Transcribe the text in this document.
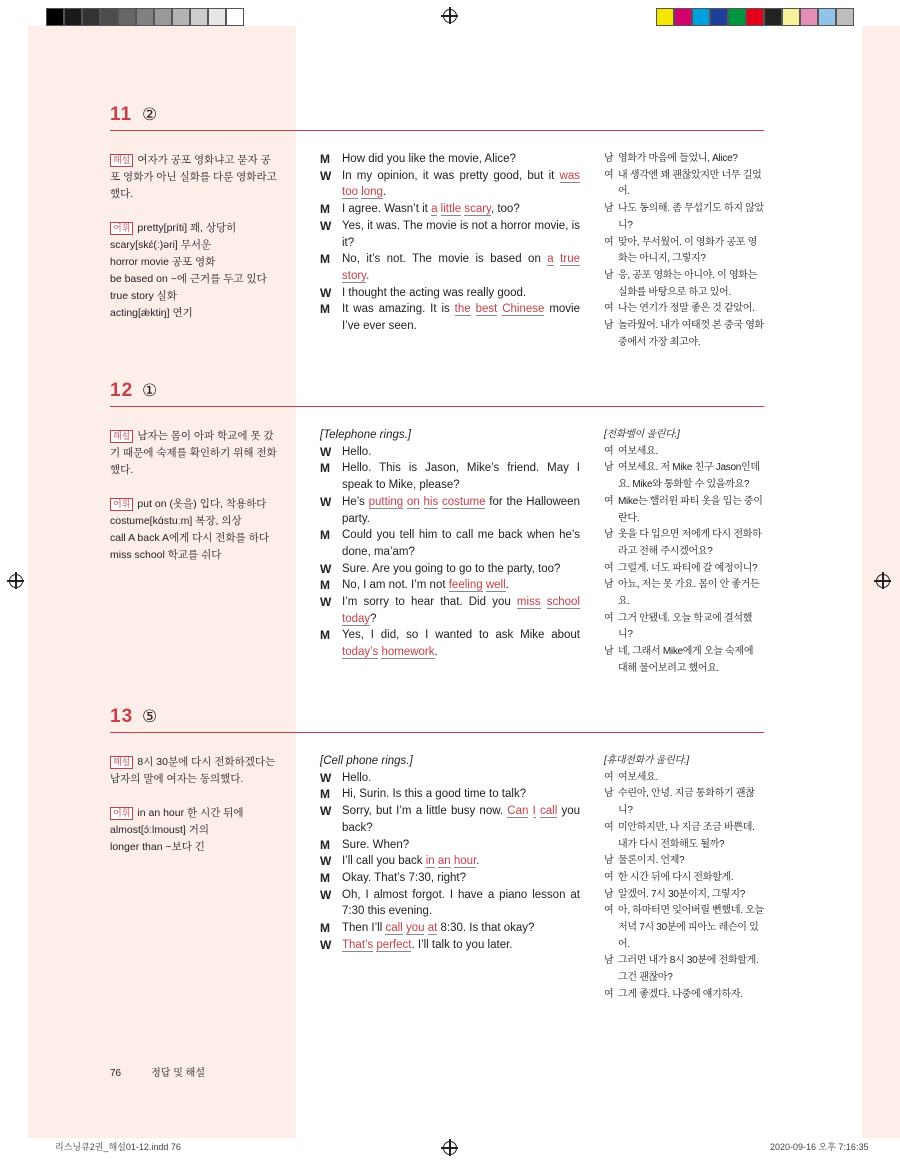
11 ②
해설 여자가 공포 영화냐고 묻자 공포 영화가 아닌 실화를 다룬 영화라고 했다.
어휘 pretty[príti] 꽤, 상당히
scary[skɛ́(ː)əri] 무서운
horror movie 공포 영화
be based on ~에 근거를 두고 있다
true story 실화
acting[ǽktiŋ] 연기
M	How did you like the movie, Alice?
W In my opinion, it was pretty good, but it was too long.
M	I agree. Wasn’t it a little scary, too?
W Yes, it was. The movie is not a horror movie, is it?
M	No, it’s not. The movie is based on a true story.
W I thought the acting was really good.
M	It was amazing. It is the best Chinese movie I’ve ever seen.
남 영화가 마음에 들었니, Alice?
여 내 생각엔 꽤 괜찮았지만 너무 길었어.
남 나도 동의해. 좀 무섭기도 하지 않았니?
여 맞아, 무서웠어. 이 영화가 공포 영화는 아니지, 그렇지?
남 응, 공포 영화는 아니야. 이 영화는 실화를 바탕으로 하고 있어.
여 나는 연기가 정말 좋은 것 같았어.
남 놀라웠어. 내가 여태껏 본 중국 영화 중에서 가장 최고야.
12 ①
해설 남자는 몸이 아파 학교에 못 갔기 때문에 숙제를 확인하기 위해 전화했다.
어휘 put on (옷을) 입다, 착용하다
costume[kɑ́stuːm] 복장, 의상
call A back A에게 다시 전화를 하다
miss school 학교를 쉬다
[Telephone rings.]
W Hello.
M	Hello. This is Jason, Mike’s friend. May I speak to Mike, please?
W He’s putting on his costume for the Halloween party.
M	Could you tell him to call me back when he’s done, ma’am?
W Sure. Are you going to go to the party, too?
M	No, I am not. I’m not feeling well.
W I’m sorry to hear that. Did you miss school today?
M	Yes, I did, so I wanted to ask Mike about today’s homework.
[전화벨이 울린다.]
여 여보세요.
남 여보세요. 저 Mike 친구 Jason인데요. Mike와 통화할 수 있을까요?
여 Mike는 핼러윈 파티 옷을 입는 중이란다.
남 옷을 다 입으면 저에게 다시 전화하라고 전해 주시겠어요?
여 그럴게. 너도 파티에 갈 예정이니?
남 아뇨, 저는 못 가요. 몸이 안 좋거든요.
여 그거 안됐네. 오늘 학교에 결석했니?
남 네, 그래서 Mike에게 오늘 숙제에 대해 물어보려고 했어요.
13 ⑤
해설 8시 30분에 다시 전화하겠다는 남자의 말에 여자는 동의했다.
어휘 in an hour 한 시간 뒤에
almost[ɔ́ːlmoust] 거의
longer than ~보다 긴
[Cell phone rings.]
W Hello.
M	Hi, Surin. Is this a good time to talk?
W Sorry, but I’m a little busy now. Can I call you back?
M	Sure. When?
W I’ll call you back in an hour.
M	Okay. That’s 7:30, right?
W Oh, I almost forgot. I have a piano lesson at 7:30 this evening.
M	Then I’ll call you at 8:30. Is that okay?
W That’s perfect. I’ll talk to you later.
[휴대전화가 울린다.]
여 여보세요.
남 수린아, 안녕. 지금 통화하기 괜찮니?
여 미안하지만, 나 지금 조금 바쁜데. 내가 다시 전화해도 될까?
남 물론이지. 언제?
여 한 시간 뒤에 다시 전화할게.
남 알겠어. 7시 30분이지, 그렇지?
여 아, 하마터면 잊어버릴 뻔했네. 오늘 저녁 7시 30분에 피아노 레슨이 있어.
남 그러면 내가 8시 30분에 전화할게. 그건 괜찮아?
여 그게 좋겠다. 나중에 얘기하자.
76	정답 및 해설
리스닝큐2권_해설01-12.indd 76	2020-09-16 오후 7:16:35
